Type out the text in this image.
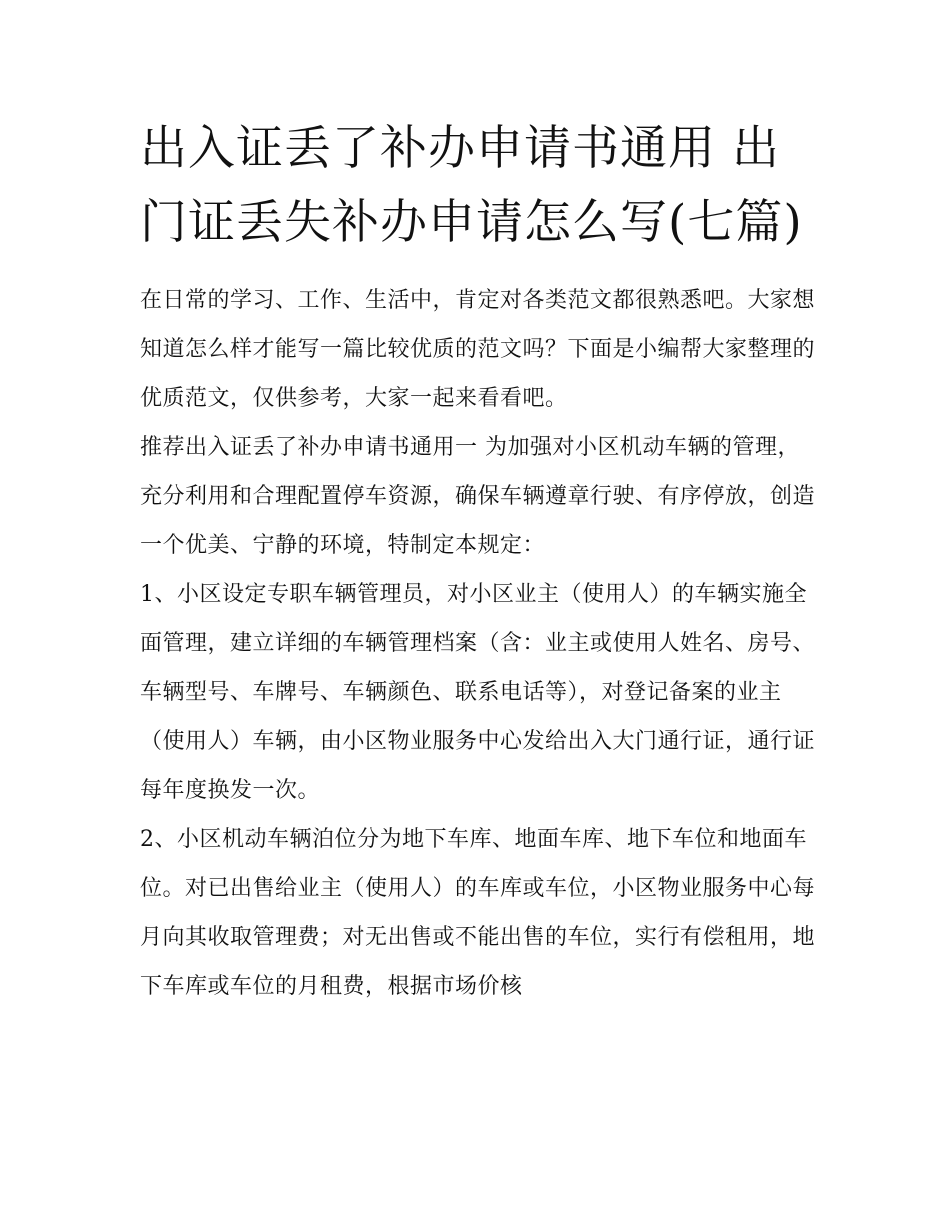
出入证丢了补办申请书通用 出门证丢失补办申请怎么写(七篇)

在日常的学习、工作、生活中，肯定对各类范文都很熟悉吧。大家想知道怎么样才能写一篇比较优质的范文吗？下面是小编帮大家整理的优质范文，仅供参考，大家一起来看看吧。

推荐出入证丢了补办申请书通用一 为加强对小区机动车辆的管理，充分利用和合理配置停车资源，确保车辆遵章行驶、有序停放，创造一个优美、宁静的环境，特制定本规定：

1、小区设定专职车辆管理员，对小区业主（使用人）的车辆实施全面管理，建立详细的车辆管理档案（含：业主或使用人姓名、房号、车辆型号、车牌号、车辆颜色、联系电话等），对登记备案的业主（使用人）车辆，由小区物业服务中心发给出入大门通行证，通行证每年度换发一次。

2、小区机动车辆泊位分为地下车库、地面车库、地下车位和地面车位。对已出售给业主（使用人）的车库或车位，小区物业服务中心每月向其收取管理费；对无出售或不能出售的车位，实行有偿租用，地下车库或车位的月租费，根据市场价核
